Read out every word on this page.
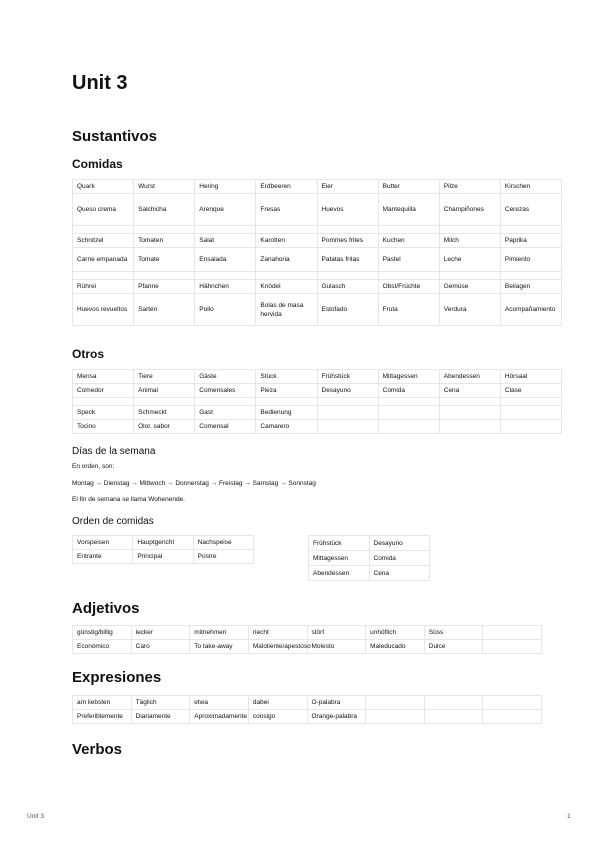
Unit 3
Sustantivos
Comidas
Quark	Wurst	Hering	Erdbeeren	Eier	Butter	Pilze	Kirschen
Queso crema	Salchicha	Arenque	Fresas	Huevos	Mantequilla	Champiñones	Cerezas

Schnitzel	Tomaten	Salat	Karotten	Pommes frites	Kuchen	Milch	Paprika
Carne empanada	Tomate	Ensalada	Zanahoria	Patatas fritas	Pastel	Leche	Pimiento

Rührei	Pfanne	Hähnchen	Knödel	Gulasch	Obst/Früchte	Gemüse	Beilagen
Huevos revueltos	Sartén	Pollo	Bolas de masa hervida	Estofado	Fruta	Verdura	Acompañamiento
Otros
Mensa	Tiere	Gäste	Stück	Frühstück	Mittagessen	Abendessen	Hörsaal
Comedor	Animal	Comensales	Pieza	Desayuno	Comida	Cena	Clase

Speck	Schmeckt	Gast	Bedienung				
Tocino	Olor, sabor	Comensal	Camarero				
Días de la semana
En orden, son:
Montag → Dienstag → Mittwoch → Donnerstag → Freistag → Samstag → Sonnstag
El fin de semana se llama Wohenende.
Orden de comidas
Vorspeisen	Hauptgericht	Nachspeise
Entrante	Principal	Postre
Frühstück	Desayuno
Mittagessen	Comida
Abendessen	Cena
Adjetivos
günstig/billig	lecker	mitnehmen	riecht	stört	unhöflich	Süss	
Económico	Caro	To take-away	Maloliente/apestoso	Molesto	Maleducado	Dulce	
Expresiones
am liebsten	Täglich	etwa	dabei	O-palabra			
Preferiblemente	Diariamente	Aproximadamente	consigo	Orange-palabra			
Verbos
Unit 3	1
